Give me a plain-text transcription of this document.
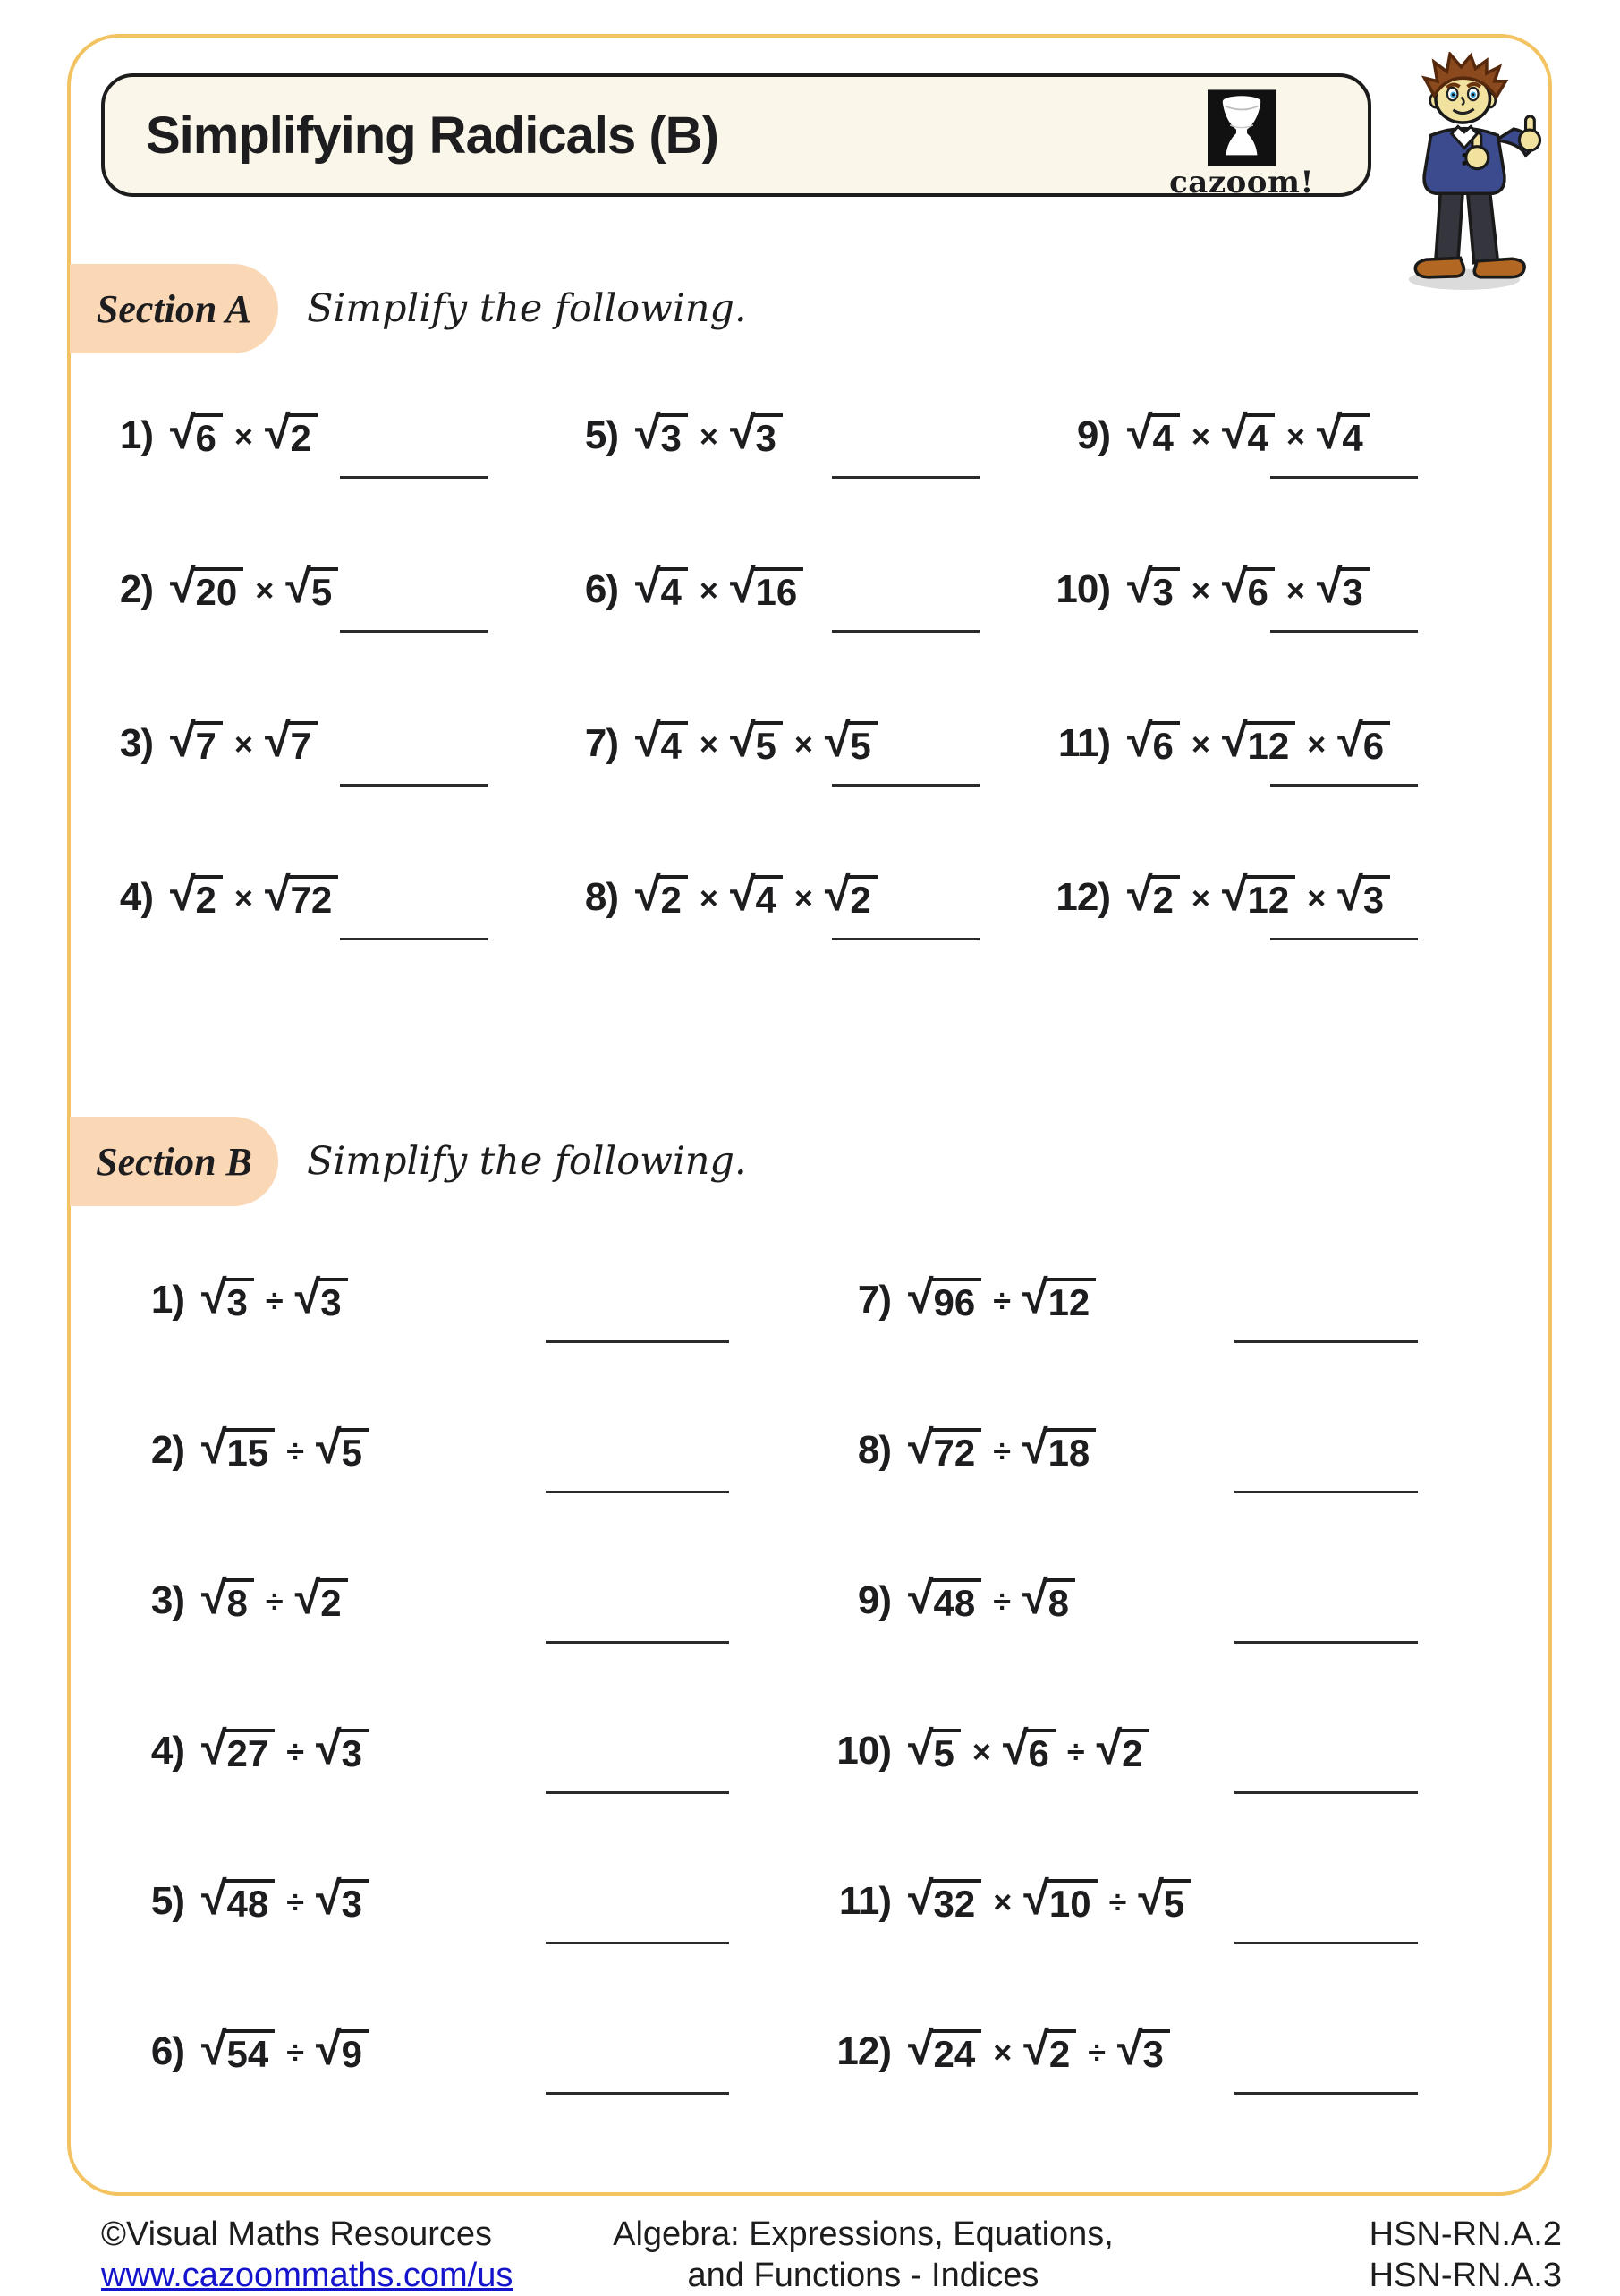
Simplifying Radicals (B)
cazoom!
Section A	Simplify the following.
1) √ 6 × √ 2
2) √ 20 × √ 5
3) √ 7 × √ 7
4) √ 2 × √ 72
5) √ 3 × √ 3
6) √ 4 × √ 16
7) √ 4 × √ 5 × √ 5
8) √ 2 × √ 4 × √ 2
9) √ 4 × √ 4 × √ 4
10) √ 3 × √ 6 × √ 3
11) √ 6 × √ 12 × √ 6
12) √ 2 × √ 12 × √ 3
Section B	Simplify the following.
1) √ 3 ÷ √ 3
2) √ 15 ÷ √ 5
3) √ 8 ÷ √ 2
4) √ 27 ÷ √ 3
5) √ 48 ÷ √ 3
6) √ 54 ÷ √ 9
7) √ 96 ÷ √ 12
8) √ 72 ÷ √ 18
9) √ 48 ÷ √ 8
10) √ 5 × √ 6 ÷ √ 2
11) √ 32 × √ 10 ÷ √ 5
12) √ 24 × √ 2 ÷ √ 3
©Visual Maths Resources
www.cazoommaths.com/us
Algebra: Expressions, Equations,
and Functions - Indices
HSN-RN.A.2
HSN-RN.A.3
